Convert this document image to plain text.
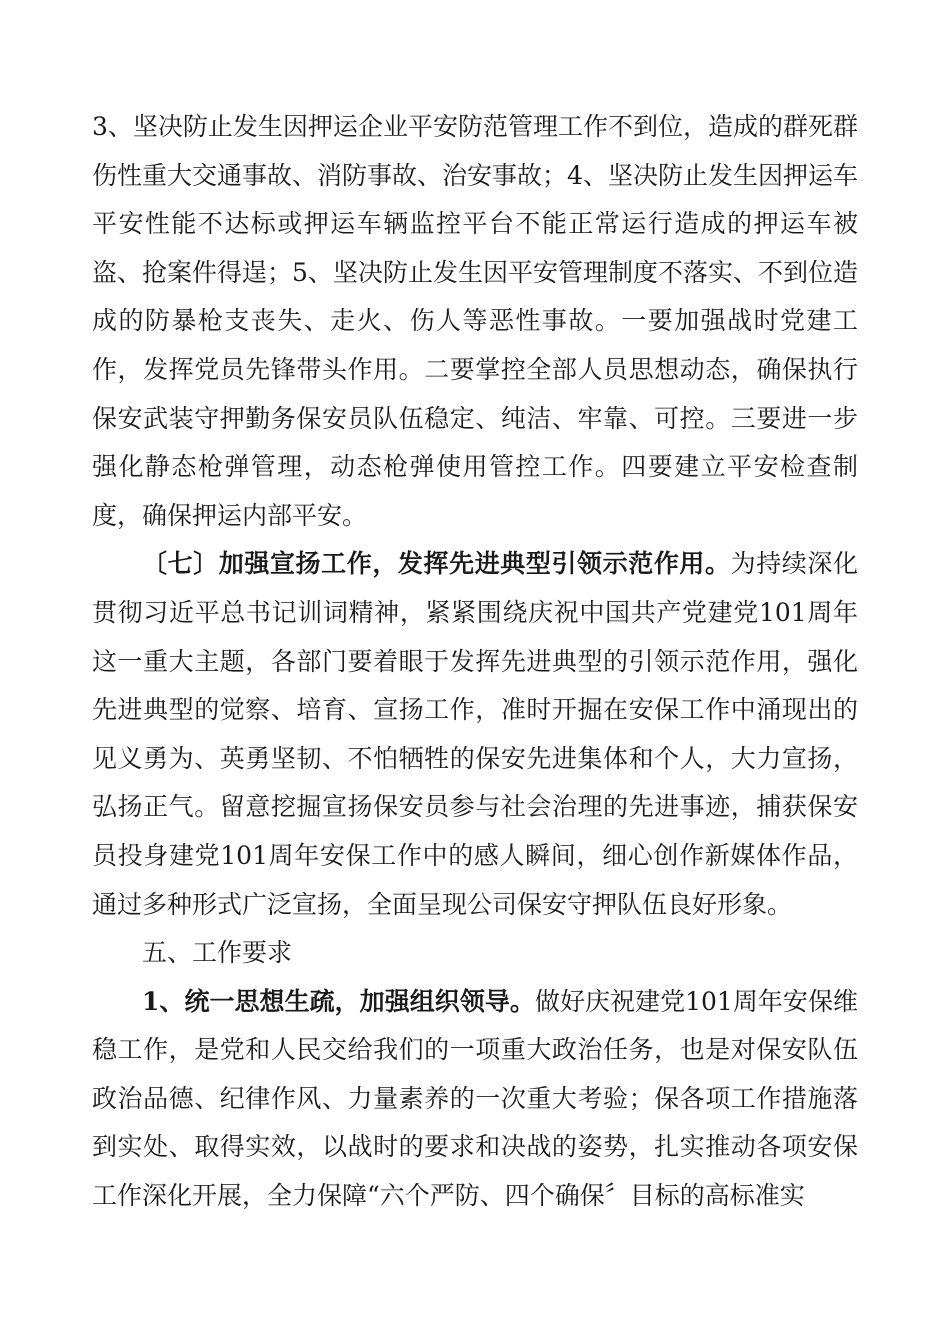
3、坚决防止发生因押运企业平安防范管理工作不到位，造成的群死群伤性重大交通事故、消防事故、治安事故；4、坚决防止发生因押运车平安性能不达标或押运车辆监控平台不能正常运行造成的押运车被盗、抢案件得逞；5、坚决防止发生因平安管理制度不落实、不到位造成的防暴枪支丧失、走火、伤人等恶性事故。一要加强战时党建工作，发挥党员先锋带头作用。二要掌控全部人员思想动态，确保执行保安武装守押勤务保安员队伍稳定、纯洁、牢靠、可控。三要进一步强化静态枪弹管理，动态枪弹使用管控工作。四要建立平安检查制度，确保押运内部平安。

〔七〕加强宣扬工作，发挥先进典型引领示范作用。为持续深化贯彻习近平总书记训词精神，紧紧围绕庆祝中国共产党建党101周年这一重大主题，各部门要着眼于发挥先进典型的引领示范作用，强化先进典型的觉察、培育、宣扬工作，准时开掘在安保工作中涌现出的见义勇为、英勇坚韧、不怕牺牲的保安先进集体和个人，大力宣扬，弘扬正气。留意挖掘宣扬保安员参与社会治理的先进事迹，捕获保安员投身建党101周年安保工作中的感人瞬间，细心创作新媒体作品，通过多种形式广泛宣扬，全面呈现公司保安守押队伍良好形象。

五、工作要求

1、统一思想生疏，加强组织领导。做好庆祝建党101周年安保维稳工作，是党和人民交给我们的一项重大政治任务，也是对保安队伍政治品德、纪律作风、力量素养的一次重大考验；保各项工作措施落到实处、取得实效，以战时的要求和决战的姿势，扎实推动各项安保工作深化开展，全力保障“六个严防、四个确保〞目标的高标准实
